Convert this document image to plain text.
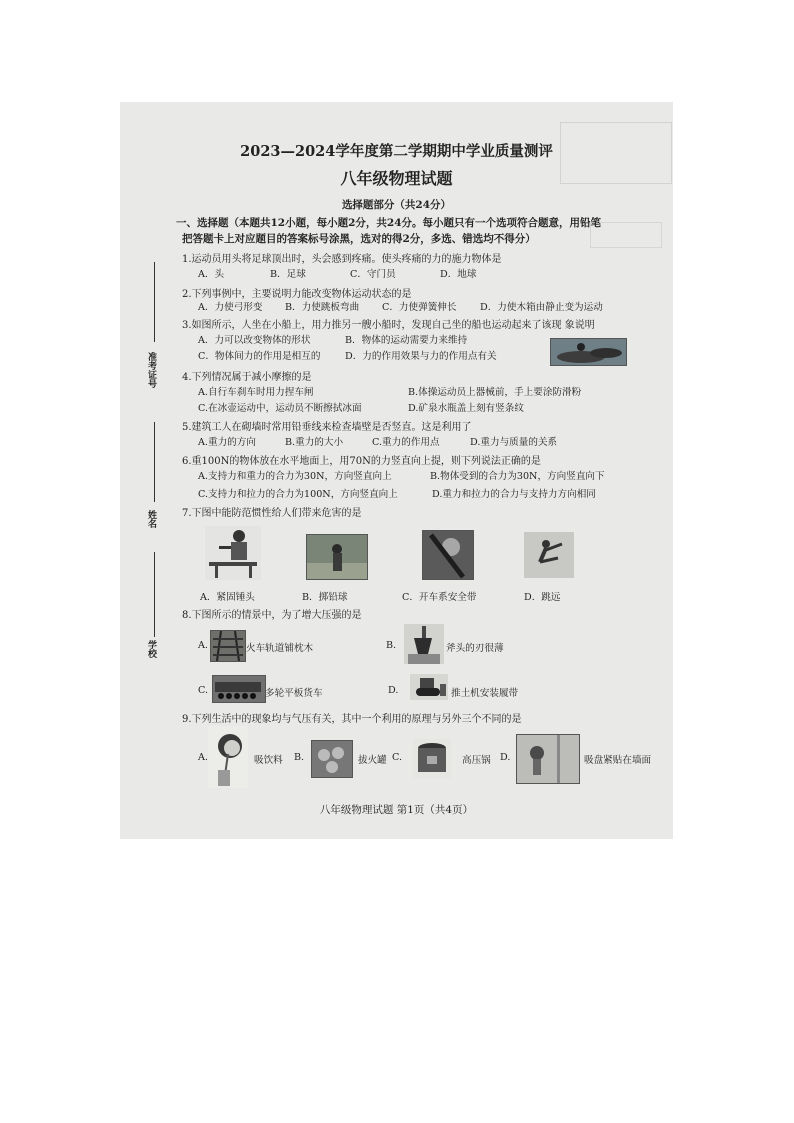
2023—2024学年度第二学期期中学业质量测评
八年级物理试题
选择题部分（共24分）
一、选择题（本题共12小题，每小题2分，共24分。每小题只有一个选项符合题意，用铅笔
把答题卡上对应题目的答案标号涂黑，选对的得2分，多选、错选均不得分）
准考证号
姓名
学校
1.运动员用头将足球顶出时，头会感到疼痛。使头疼痛的力的施力物体是
A．头	B．足球	C．守门员	D．地球
2.下列事例中，主要说明力能改变物体运动状态的是
A．力使弓形变 B．力使跳板弯曲 C．力使弹簧伸长 D．力使木箱由静止变为运动
3.如图所示，人坐在小船上，用力推另一艘小船时，发现自己坐的船也运动起来了该现 象说明
A．力可以改变物体的形状	B．物体的运动需要力来维持
C．物体间力的作用是相互的	D．力的作用效果与力的作用点有关
4.下列情况属于减小摩擦的是
A.自行车刹车时用力捏车闸	B.体操运动员上器械前，手上要涂防滑粉
C.在冰壶运动中，运动员不断擦拭冰面	D.矿泉水瓶盖上刻有竖条纹
5.建筑工人在砌墙时常用铅垂线来检查墙壁是否竖直。这是利用了
A.重力的方向	B.重力的大小	C.重力的作用点	D.重力与质量的关系
6.重100N的物体放在水平地面上，用70N的力竖直向上提，则下列说法正确的是
A.支持力和重力的合力为30N，方向竖直向上	B.物体受到的合力为30N，方向竖直向下
C.支持力和拉力的合力为100N，方向竖直向上	D.重力和拉力的合力与支持力方向相同
7.下图中能防范惯性给人们带来危害的是
A．紧固锤头	B．掷铅球	C．开车系安全带	D．跳远
8.下图所示的情景中，为了增大压强的是
A.	火车轨道铺枕木	B.	斧头的刃很薄
C.	多轮平板货车	D.	推土机安装履带
9.下列生活中的现象均与气压有关，其中一个利用的原理与另外三个不同的是
A.	吸饮料 B.	拔火罐 C.	高压锅 D.	吸盘紧贴在墙面
八年级物理试题 第1页（共4页）
